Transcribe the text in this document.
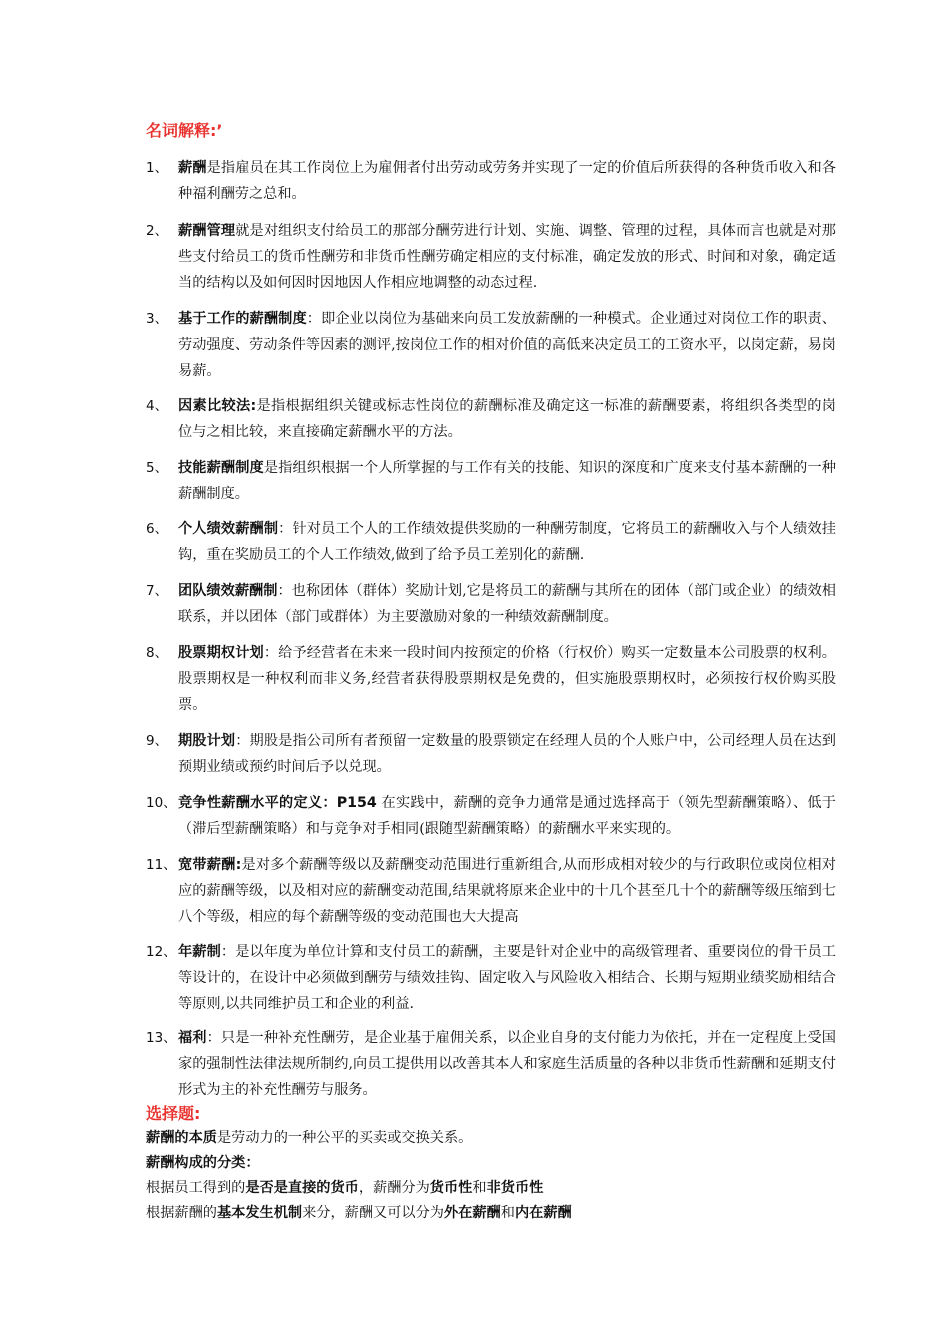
名词解释:’
1、 薪酬是指雇员在其工作岗位上为雇佣者付出劳动或劳务并实现了一定的价值后所获得的各种货币收入和各种福利酬劳之总和。
2、 薪酬管理就是对组织支付给员工的那部分酬劳进行计划、实施、调整、管理的过程，具体而言也就是对那些支付给员工的货币性酬劳和非货币性酬劳确定相应的支付标准，确定发放的形式、时间和对象，确定适当的结构以及如何因时因地因人作相应地调整的动态过程.
3、 基于工作的薪酬制度：即企业以岗位为基础来向员工发放薪酬的一种模式。企业通过对岗位工作的职责、劳动强度、劳动条件等因素的测评,按岗位工作的相对价值的高低来决定员工的工资水平，以岗定薪，易岗易薪。
4、 因素比较法:是指根据组织关键或标志性岗位的薪酬标准及确定这一标准的薪酬要素，将组织各类型的岗位与之相比较，来直接确定薪酬水平的方法。
5、 技能薪酬制度是指组织根据一个人所掌握的与工作有关的技能、知识的深度和广度来支付基本薪酬的一种薪酬制度。
6、 个人绩效薪酬制：针对员工个人的工作绩效提供奖励的一种酬劳制度，它将员工的薪酬收入与个人绩效挂钩，重在奖励员工的个人工作绩效,做到了给予员工差别化的薪酬.
7、 团队绩效薪酬制：也称团体（群体）奖励计划,它是将员工的薪酬与其所在的团体（部门或企业）的绩效相联系，并以团体（部门或群体）为主要激励对象的一种绩效薪酬制度。
8、 股票期权计划：给予经营者在未来一段时间内按预定的价格（行权价）购买一定数量本公司股票的权利。股票期权是一种权利而非义务,经营者获得股票期权是免费的，但实施股票期权时，必须按行权价购买股票。
9、 期股计划：期股是指公司所有者预留一定数量的股票锁定在经理人员的个人账户中，公司经理人员在达到预期业绩或预约时间后予以兑现。
10、 竞争性薪酬水平的定义：P154 在实践中，薪酬的竞争力通常是通过选择高于（领先型薪酬策略）、低于（滞后型薪酬策略）和与竞争对手相同(跟随型薪酬策略）的薪酬水平来实现的。
11、 宽带薪酬:是对多个薪酬等级以及薪酬变动范围进行重新组合,从而形成相对较少的与行政职位或岗位相对应的薪酬等级，以及相对应的薪酬变动范围,结果就将原来企业中的十几个甚至几十个的薪酬等级压缩到七八个等级，相应的每个薪酬等级的变动范围也大大提高
12、 年薪制：是以年度为单位计算和支付员工的薪酬，主要是针对企业中的高级管理者、重要岗位的骨干员工等设计的，在设计中必须做到酬劳与绩效挂钩、固定收入与风险收入相结合、长期与短期业绩奖励相结合等原则,以共同维护员工和企业的利益.
13、 福利：只是一种补充性酬劳，是企业基于雇佣关系，以企业自身的支付能力为依托，并在一定程度上受国家的强制性法律法规所制约,向员工提供用以改善其本人和家庭生活质量的各种以非货币性薪酬和延期支付形式为主的补充性酬劳与服务。
选择题:
薪酬的本质是劳动力的一种公平的买卖或交换关系。
薪酬构成的分类：
根据员工得到的是否是直接的货币，薪酬分为货币性和非货币性
根据薪酬的基本发生机制来分，薪酬又可以分为外在薪酬和内在薪酬
